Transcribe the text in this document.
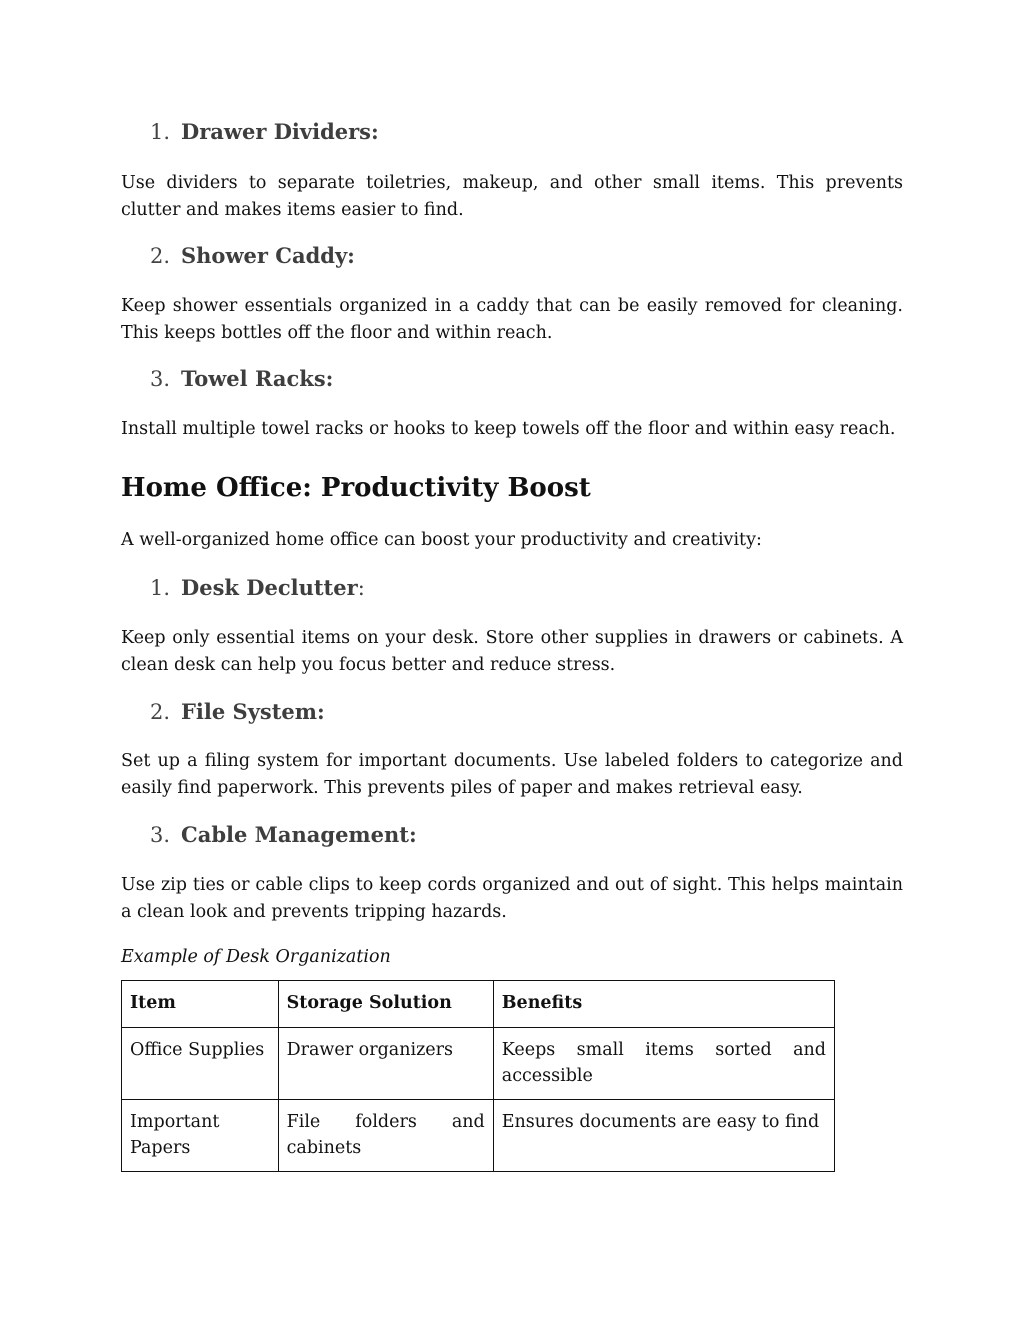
1. Drawer Dividers:
Use dividers to separate toiletries, makeup, and other small items. This prevents clutter and makes items easier to find.
2. Shower Caddy:
Keep shower essentials organized in a caddy that can be easily removed for cleaning. This keeps bottles off the floor and within reach.
3. Towel Racks:
Install multiple towel racks or hooks to keep towels off the floor and within easy reach.
Home Office: Productivity Boost
A well-organized home office can boost your productivity and creativity:
1. Desk Declutter:
Keep only essential items on your desk. Store other supplies in drawers or cabinets. A clean desk can help you focus better and reduce stress.
2. File System:
Set up a filing system for important documents. Use labeled folders to categorize and easily find paperwork. This prevents piles of paper and makes retrieval easy.
3. Cable Management:
Use zip ties or cable clips to keep cords organized and out of sight. This helps maintain a clean look and prevents tripping hazards.
Example of Desk Organization
Item	Storage Solution	Benefits
Office Supplies	Drawer organizers	Keeps small items sorted and accessible
Important Papers	File folders and cabinets	Ensures documents are easy to find
